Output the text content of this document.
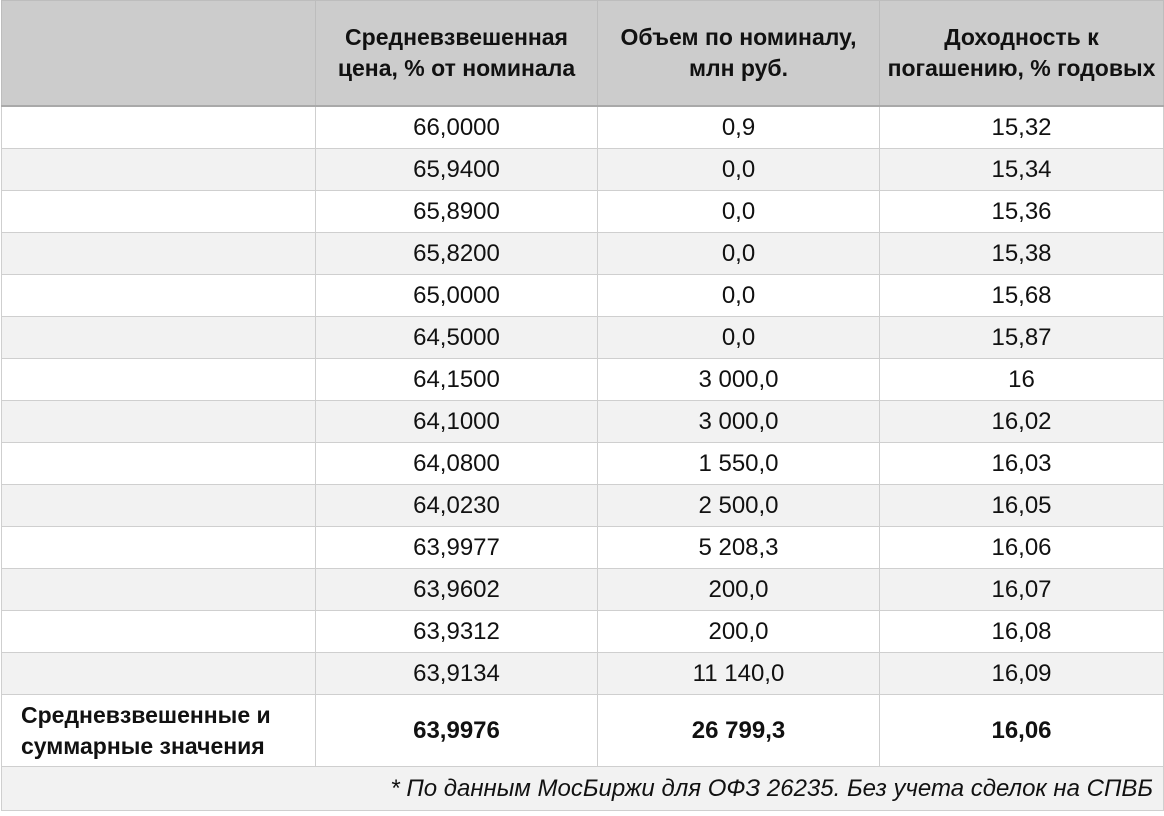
	Средневзвешенная цена, % от номинала	Объем по номиналу, млн руб.	Доходность к погашению, % годовых
	66,0000	0,9	15,32
	65,9400	0,0	15,34
	65,8900	0,0	15,36
	65,8200	0,0	15,38
	65,0000	0,0	15,68
	64,5000	0,0	15,87
	64,1500	3 000,0	16
	64,1000	3 000,0	16,02
	64,0800	1 550,0	16,03
	64,0230	2 500,0	16,05
	63,9977	5 208,3	16,06
	63,9602	200,0	16,07
	63,9312	200,0	16,08
	63,9134	11 140,0	16,09
Средневзвешенные и суммарные значения	63,9976	26 799,3	16,06
* По данным МосБиржи для ОФЗ 26235. Без учета сделок на СПВБ			
